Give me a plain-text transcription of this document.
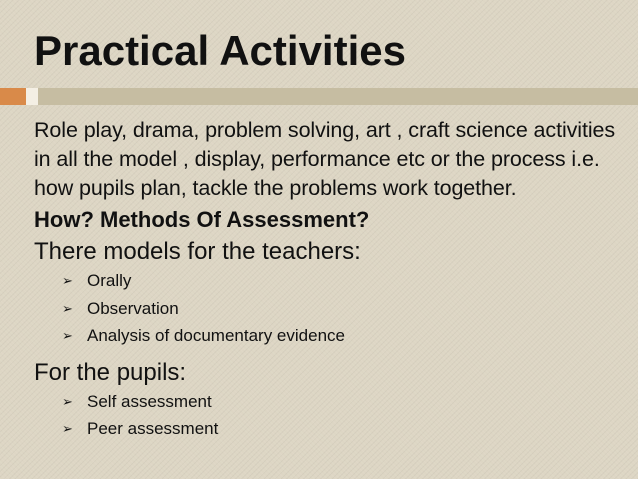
Practical Activities

Role play, drama, problem solving, art , craft science activities in all the model , display, performance etc or the process i.e. how pupils plan, tackle the problems work together.

How? Methods Of Assessment?

There models for the teachers:

➢ Orally
➢ Observation
➢ Analysis of documentary evidence

For the pupils:

➢ Self assessment
➢ Peer assessment
